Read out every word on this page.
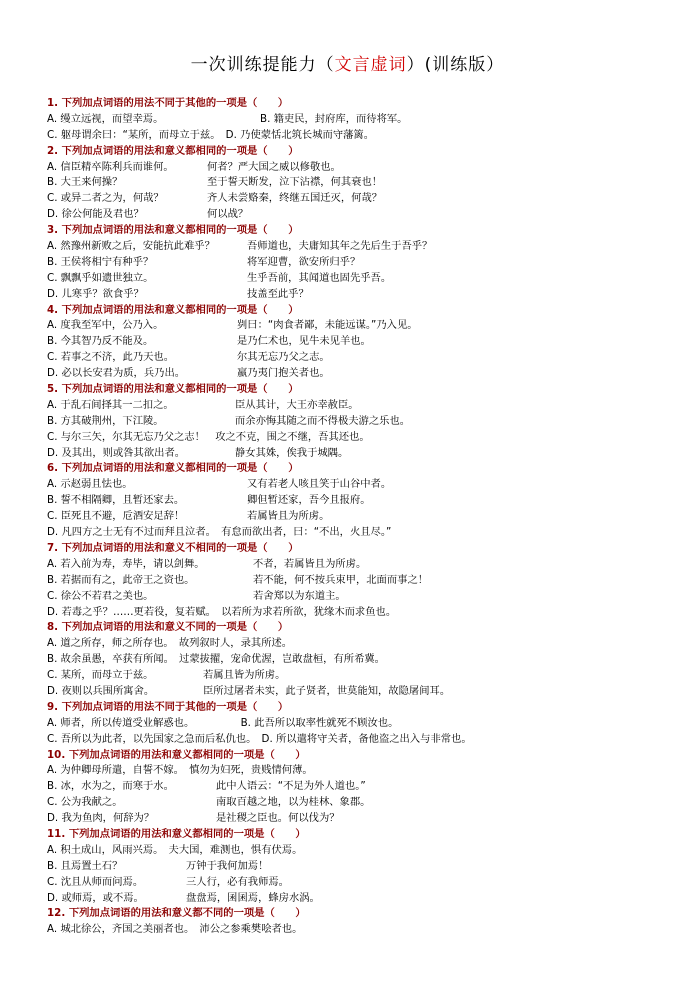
一次训练提能力（文言虚词）(训练版）
1. 下列加点词语的用法不同于其他的一项是（　　）
A. 缦立远视，而望幸焉。	B. 籍吏民，封府库，而待将军。
C. 躯母谓余曰：“某所，而母立于兹。　D. 乃使蒙恬北筑长城而守藩篱。
2. 下列加点词语的用法和意义都相同的一项是（　　）
A. 信臣精卒陈利兵而谁何。	何者？严大国之威以修敬也。
B. 大王来何操？	至于誓天断发，泣下沾襟，何其衰也！
C. 或异二者之为，何哉？	齐人未尝赂秦，终继五国迁灭，何哉？
D. 徐公何能及君也？	何以战？
3. 下列加点词语的用法和意义都相同的一项是（　　）
A. 然豫州新败之后，安能抗此难乎？	吾师道也，夫庸知其年之先后生于吾乎？
B. 王侯将相宁有种乎？	将军迎曹，欲安所归乎？
C. 飘飘乎如遗世独立。	生乎吾前，其闻道也固先乎吾。
D. 儿寒乎？欲食乎？	技盖至此乎？
4. 下列加点词语的用法和意义都相同的一项是（　　）
A. 度我至军中，公乃入。	刿曰：“肉食者鄙，未能远谋。”乃入见。
B. 今其智乃反不能及。	是乃仁术也，见牛未见羊也。
C. 若事之不济，此乃天也。	尔其无忘乃父之志。
D. 必以长安君为质，兵乃出。	嬴乃夷门抱关者也。
5. 下列加点词语的用法和意义都相同的一项是（　　）
A. 于乱石间择其一二扣之。	臣从其计，大王亦幸赦臣。
B. 方其破荆州，下江陵。	而余亦悔其随之而不得极夫游之乐也。
C. 与尔三矢，尔其无忘乃父之志！　攻之不克，围之不继，吾其还也。
D. 及其出，则或咎其欲出者。	静女其姝，俟我于城隅。
6. 下列加点词语的用法和意义都相同的一项是（　　）
A. 示赵弱且怯也。	又有若老人咳且笑于山谷中者。
B. 誓不相隔卿，且暂还家去。	卿但暂还家，吾今且报府。
C. 臣死且不避，卮酒安足辞！	若属皆且为所虏。
D. 凡四方之士无有不过而拜且泣者。　有怠而欲出者，曰：“不出，火且尽。”
7. 下列加点词语的用法和意义不相同的一项是（　　）
A. 若入前为寿，寿毕，请以剑舞。	不者，若属皆且为所虏。
B. 若据而有之，此帝王之资也。	若不能，何不按兵束甲，北面而事之！
C. 徐公不若君之美也。	若舍郑以为东道主。
D. 若毒之乎？……更若役，复若赋。　以若所为求若所欲，犹缘木而求鱼也。
8. 下列加点词语的用法和意义不同的一项是（　　）
A. 道之所存，师之所存也。　故列叙时人，录其所述。
B. 故余虽愚，卒获有所闻。　过蒙拔擢，宠命优渥，岂敢盘桓，有所希冀。
C. 某所，而母立于兹。	若属且皆为所虏。
D. 夜则以兵围所寓舍。	臣所过屠者未实，此子贤者，世莫能知，故隐屠间耳。
9. 下列加点词语的用法不同于其他的一项是（　　）
A. 师者，所以传道受业解惑也。　　　　　B. 此吾所以取率性就死不顾汝也。
C. 吾所以为此者，以先国家之急而后私仇也。　D. 所以遣将守关者，备他盗之出入与非常也。
10. 下列加点词语的用法和意义都相同的一项是（　　）
A. 为仲卿母所遣，自誓不嫁。　慎勿为妇死，贵贱情何薄。
B. 冰，水为之，而寒于水。	此中人语云：“不足为外人道也。”
C. 公为我献之。	南取百越之地，以为桂林、象郡。
D. 我为鱼肉，何辞为？	是社稷之臣也。何以伐为？
11. 下列加点词语的用法和意义都相同的一项是（　　）
A. 积土成山，风雨兴焉。　夫大国，难测也，惧有伏焉。
B. 且焉置土石？	万钟于我何加焉！
C. 沈且从师而问焉。	三人行，必有我师焉。
D. 或师焉，或不焉。	盘盘焉，囷囷焉，蜂房水涡。
12. 下列加点词语的用法和意义都不同的一项是（　　）
A. 城北徐公，齐国之美丽者也。　沛公之参乘樊哙者也。
